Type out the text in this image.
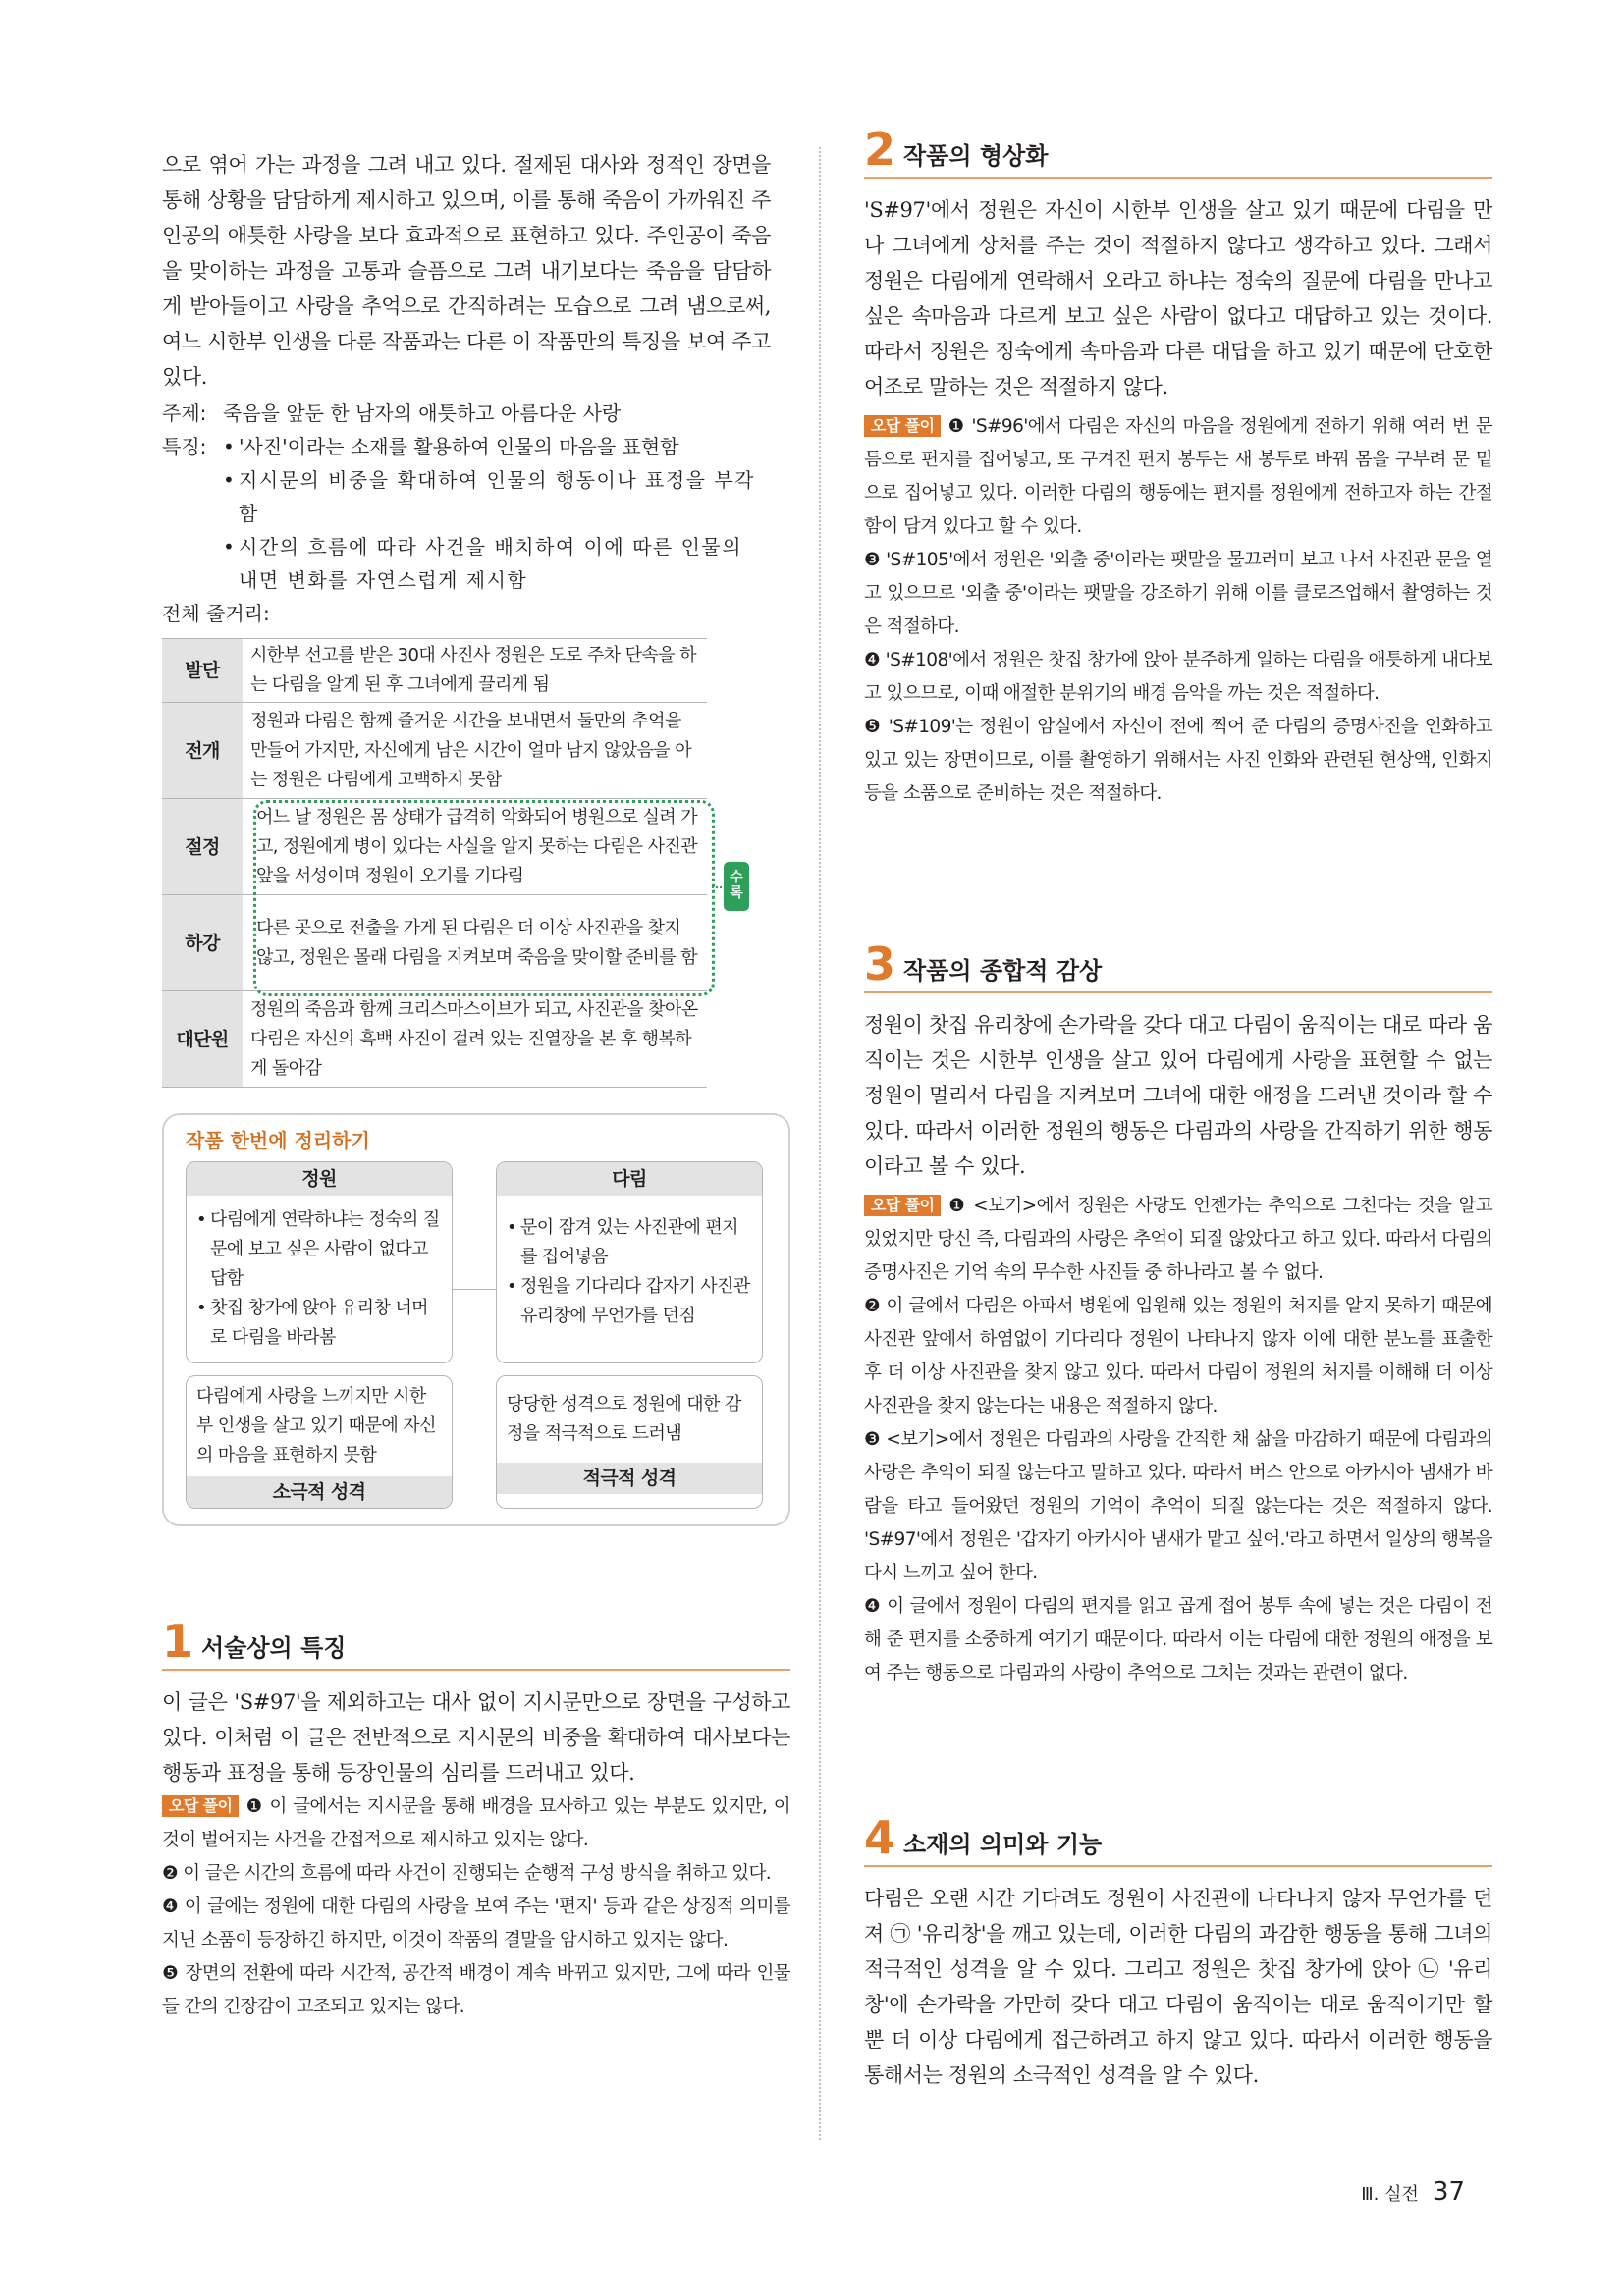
으로 엮어 가는 과정을 그려 내고 있다. 절제된 대사와 정적인 장면을 통해 상황을 담담하게 제시하고 있으며, 이를 통해 죽음이 가까워진 주인공의 애틋한 사랑을 보다 효과적으로 표현하고 있다. 주인공이 죽음을 맞이하는 과정을 고통과 슬픔으로 그려 내기보다는 죽음을 담담하게 받아들이고 사랑을 추억으로 간직하려는 모습으로 그려 냄으로써, 여느 시한부 인생을 다룬 작품과는 다른 이 작품만의 특징을 보여 주고 있다.

주제: 죽음을 앞둔 한 남자의 애틋하고 아름다운 사랑
특징: • '사진'이라는 소재를 활용하여 인물의 마음을 표현함
• 지시문의 비중을 확대하여 인물의 행동이나 표정을 부각함
• 시간의 흐름에 따라 사건을 배치하여 이에 따른 인물의 내면 변화를 자연스럽게 제시함
전체 줄거리:
발단	시한부 선고를 받은 30대 사진사 정원은 도로 주차 단속을 하는 다림을 알게 된 후 그녀에게 끌리게 됨
전개	정원과 다림은 함께 즐거운 시간을 보내면서 둘만의 추억을 만들어 가지만, 자신에게 남은 시간이 얼마 남지 않았음을 아는 정원은 다림에게 고백하지 못함
절정	어느 날 정원은 몸 상태가 급격히 악화되어 병원으로 실려 가고, 정원에게 병이 있다는 사실을 알지 못하는 다림은 사진관 앞을 서성이며 정원이 오기를 기다림
하강	다른 곳으로 전출을 가게 된 다림은 더 이상 사진관을 찾지 않고, 정원은 몰래 다림을 지켜보며 죽음을 맞이할 준비를 함
대단원	정원의 죽음과 함께 크리스마스이브가 되고, 사진관을 찾아온 다림은 자신의 흑백 사진이 걸려 있는 진열장을 본 후 행복하게 돌아감
수록
작품 한번에 정리하기
정원
• 다림에게 연락하냐는 정숙의 질문에 보고 싶은 사람이 없다고 답함
• 찻집 창가에 앉아 유리창 너머로 다림을 바라봄
다림
• 문이 잠겨 있는 사진관에 편지를 집어넣음
• 정원을 기다리다 갑자기 사진관 유리창에 무언가를 던짐
다림에게 사랑을 느끼지만 시한부 인생을 살고 있기 때문에 자신의 마음을 표현하지 못함
소극적 성격
당당한 성격으로 정원에 대한 감정을 적극적으로 드러냄
적극적 성격
1 서술상의 특징

이 글은 'S#97'을 제외하고는 대사 없이 지시문만으로 장면을 구성하고 있다. 이처럼 이 글은 전반적으로 지시문의 비중을 확대하여 대사보다는 행동과 표정을 통해 등장인물의 심리를 드러내고 있다.

오답 풀이 ❶ 이 글에서는 지시문을 통해 배경을 묘사하고 있는 부분도 있지만, 이것이 벌어지는 사건을 간접적으로 제시하고 있지는 않다.
❷ 이 글은 시간의 흐름에 따라 사건이 진행되는 순행적 구성 방식을 취하고 있다.
❹ 이 글에는 정원에 대한 다림의 사랑을 보여 주는 '편지' 등과 같은 상징적 의미를 지닌 소품이 등장하긴 하지만, 이것이 작품의 결말을 암시하고 있지는 않다.
❺ 장면의 전환에 따라 시간적, 공간적 배경이 계속 바뀌고 있지만, 그에 따라 인물들 간의 긴장감이 고조되고 있지는 않다.
2 작품의 형상화

'S#97'에서 정원은 자신이 시한부 인생을 살고 있기 때문에 다림을 만나 그녀에게 상처를 주는 것이 적절하지 않다고 생각하고 있다. 그래서 정원은 다림에게 연락해서 오라고 하냐는 정숙의 질문에 다림을 만나고 싶은 속마음과 다르게 보고 싶은 사람이 없다고 대답하고 있는 것이다. 따라서 정원은 정숙에게 속마음과 다른 대답을 하고 있기 때문에 단호한 어조로 말하는 것은 적절하지 않다.

오답 풀이 ❶ 'S#96'에서 다림은 자신의 마음을 정원에게 전하기 위해 여러 번 문틈으로 편지를 집어넣고, 또 구겨진 편지 봉투는 새 봉투로 바꿔 몸을 구부려 문 밑으로 집어넣고 있다. 이러한 다림의 행동에는 편지를 정원에게 전하고자 하는 간절함이 담겨 있다고 할 수 있다.
❸ 'S#105'에서 정원은 '외출 중'이라는 팻말을 물끄러미 보고 나서 사진관 문을 열고 있으므로 '외출 중'이라는 팻말을 강조하기 위해 이를 클로즈업해서 촬영하는 것은 적절하다.
❹ 'S#108'에서 정원은 찻집 창가에 앉아 분주하게 일하는 다림을 애틋하게 내다보고 있으므로, 이때 애절한 분위기의 배경 음악을 까는 것은 적절하다.
❺ 'S#109'는 정원이 암실에서 자신이 전에 찍어 준 다림의 증명사진을 인화하고 있고 있는 장면이므로, 이를 촬영하기 위해서는 사진 인화와 관련된 현상액, 인화지 등을 소품으로 준비하는 것은 적절하다.
3 작품의 종합적 감상

정원이 찻집 유리창에 손가락을 갖다 대고 다림이 움직이는 대로 따라 움직이는 것은 시한부 인생을 살고 있어 다림에게 사랑을 표현할 수 없는 정원이 멀리서 다림을 지켜보며 그녀에 대한 애정을 드러낸 것이라 할 수 있다. 따라서 이러한 정원의 행동은 다림과의 사랑을 간직하기 위한 행동이라고 볼 수 있다.

오답 풀이 ❶ <보기>에서 정원은 사랑도 언젠가는 추억으로 그친다는 것을 알고 있었지만 당신 즉, 다림과의 사랑은 추억이 되질 않았다고 하고 있다. 따라서 다림의 증명사진은 기억 속의 무수한 사진들 중 하나라고 볼 수 없다.
❷ 이 글에서 다림은 아파서 병원에 입원해 있는 정원의 처지를 알지 못하기 때문에 사진관 앞에서 하염없이 기다리다 정원이 나타나지 않자 이에 대한 분노를 표출한 후 더 이상 사진관을 찾지 않고 있다. 따라서 다림이 정원의 처지를 이해해 더 이상 사진관을 찾지 않는다는 내용은 적절하지 않다.
❸ <보기>에서 정원은 다림과의 사랑을 간직한 채 삶을 마감하기 때문에 다림과의 사랑은 추억이 되질 않는다고 말하고 있다. 따라서 버스 안으로 아카시아 냄새가 바람을 타고 들어왔던 정원의 기억이 추억이 되질 않는다는 것은 적절하지 않다. 'S#97'에서 정원은 '갑자기 아카시아 냄새가 맡고 싶어.'라고 하면서 일상의 행복을 다시 느끼고 싶어 한다.
❹ 이 글에서 정원이 다림의 편지를 읽고 곱게 접어 봉투 속에 넣는 것은 다림이 전해 준 편지를 소중하게 여기기 때문이다. 따라서 이는 다림에 대한 정원의 애정을 보여 주는 행동으로 다림과의 사랑이 추억으로 그치는 것과는 관련이 없다.
4 소재의 의미와 기능

다림은 오랜 시간 기다려도 정원이 사진관에 나타나지 않자 무언가를 던져 ㉠ '유리창'을 깨고 있는데, 이러한 다림의 과감한 행동을 통해 그녀의 적극적인 성격을 알 수 있다. 그리고 정원은 찻집 창가에 앉아 ㉡ '유리창'에 손가락을 가만히 갖다 대고 다림이 움직이는 대로 움직이기만 할 뿐 더 이상 다림에게 접근하려고 하지 않고 있다. 따라서 이러한 행동을 통해서는 정원의 소극적인 성격을 알 수 있다.

Ⅲ. 실전 37
